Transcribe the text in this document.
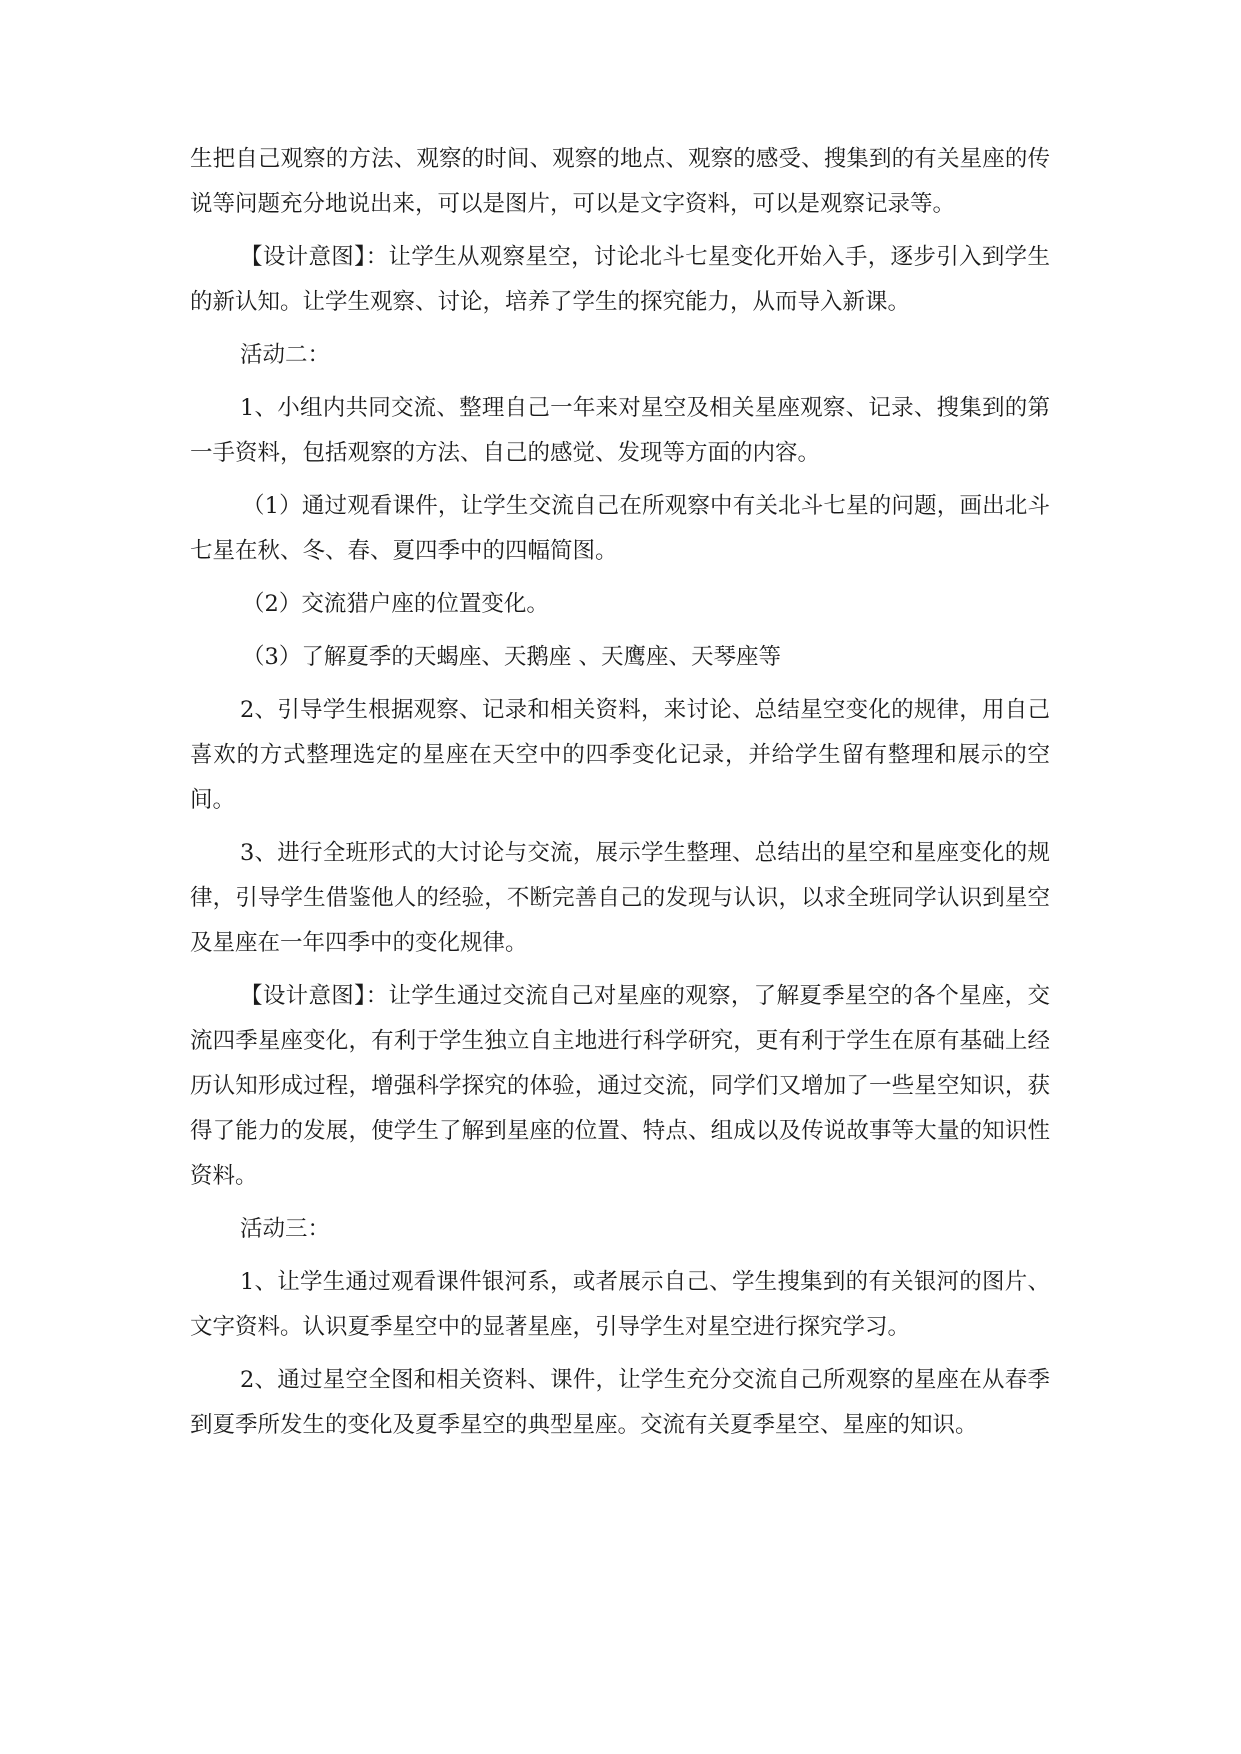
生把自己观察的方法、观察的时间、观察的地点、观察的感受、搜集到的有关星座的传说等问题充分地说出来，可以是图片，可以是文字资料，可以是观察记录等。

【设计意图】：让学生从观察星空，讨论北斗七星变化开始入手，逐步引入到学生的新认知。让学生观察、讨论，培养了学生的探究能力，从而导入新课。

活动二：

1、小组内共同交流、整理自己一年来对星空及相关星座观察、记录、搜集到的第一手资料，包括观察的方法、自己的感觉、发现等方面的内容。

（1）通过观看课件，让学生交流自己在所观察中有关北斗七星的问题，画出北斗七星在秋、冬、春、夏四季中的四幅简图。

（2）交流猎户座的位置变化。

（3）了解夏季的天蝎座、天鹅座 、天鹰座、天琴座等

2、引导学生根据观察、记录和相关资料，来讨论、总结星空变化的规律，用自己喜欢的方式整理选定的星座在天空中的四季变化记录，并给学生留有整理和展示的空间。

3、进行全班形式的大讨论与交流，展示学生整理、总结出的星空和星座变化的规律，引导学生借鉴他人的经验，不断完善自己的发现与认识，以求全班同学认识到星空及星座在一年四季中的变化规律。

【设计意图】：让学生通过交流自己对星座的观察，了解夏季星空的各个星座，交流四季星座变化，有利于学生独立自主地进行科学研究，更有利于学生在原有基础上经历认知形成过程，增强科学探究的体验，通过交流，同学们又增加了一些星空知识，获得了能力的发展，使学生了解到星座的位置、特点、组成以及传说故事等大量的知识性资料。

活动三：

1、让学生通过观看课件银河系，或者展示自己、学生搜集到的有关银河的图片、文字资料。认识夏季星空中的显著星座，引导学生对星空进行探究学习。

2、通过星空全图和相关资料、课件，让学生充分交流自己所观察的星座在从春季到夏季所发生的变化及夏季星空的典型星座。交流有关夏季星空、星座的知识。
